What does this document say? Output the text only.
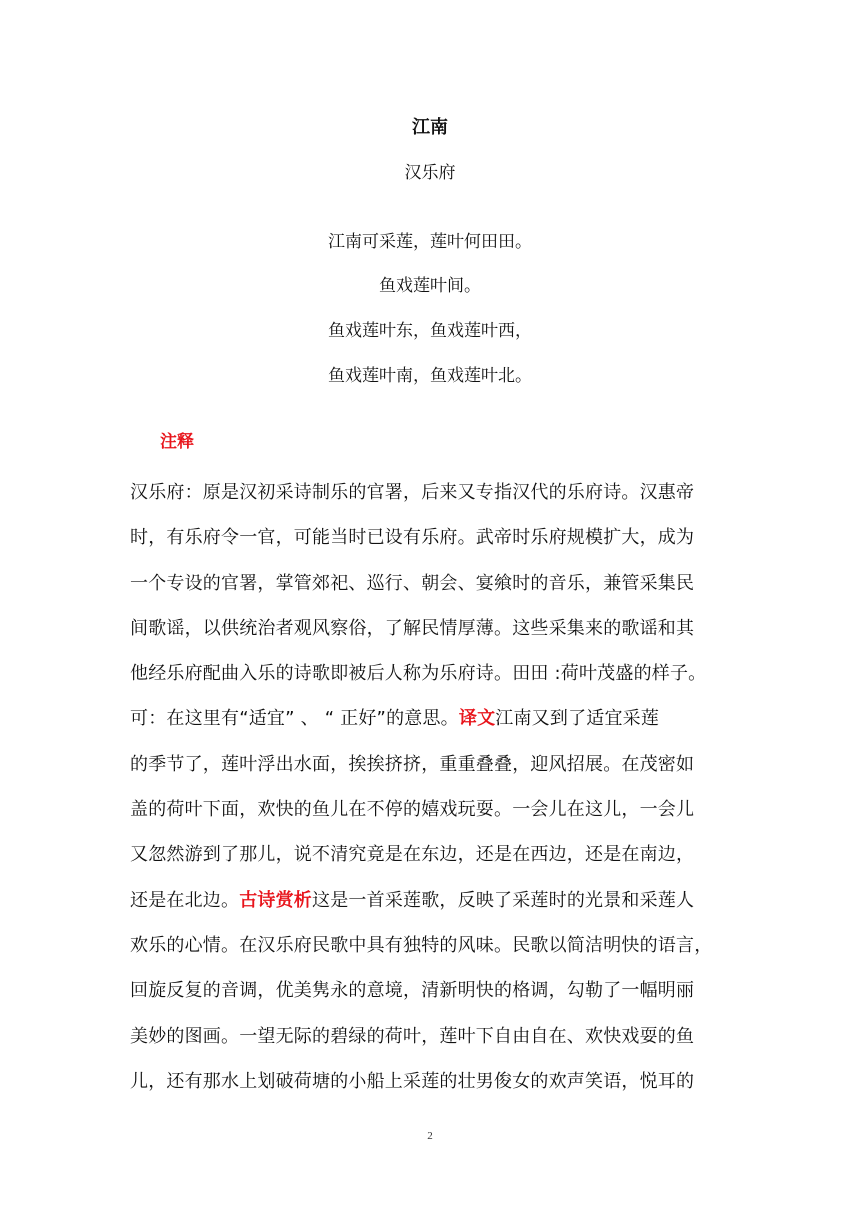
江南
汉乐府
江南可采莲，莲叶何田田。
鱼戏莲叶间。
鱼戏莲叶东，鱼戏莲叶西，
鱼戏莲叶南，鱼戏莲叶北。
注释
汉乐府：原是汉初采诗制乐的官署，后来又专指汉代的乐府诗。汉惠帝
时，有乐府令一官，可能当时已设有乐府。武帝时乐府规模扩大，成为
一个专设的官署，掌管郊祀、巡行、朝会、宴飨时的音乐，兼管采集民
间歌谣，以供统治者观风察俗，了解民情厚薄。这些采集来的歌谣和其
他经乐府配曲入乐的诗歌即被后人称为乐府诗。田田 :荷叶茂盛的样子。
可：在这里有“适宜” 、 “ 正好”的意思。译文江南又到了适宜采莲
的季节了，莲叶浮出水面，挨挨挤挤，重重叠叠，迎风招展。在茂密如
盖的荷叶下面，欢快的鱼儿在不停的嬉戏玩耍。一会儿在这儿，一会儿
又忽然游到了那儿，说不清究竟是在东边，还是在西边，还是在南边，
还是在北边。古诗赏析这是一首采莲歌，反映了采莲时的光景和采莲人
欢乐的心情。在汉乐府民歌中具有独特的风味。民歌以简洁明快的语言，
回旋反复的音调，优美隽永的意境，清新明快的格调，勾勒了一幅明丽
美妙的图画。一望无际的碧绿的荷叶，莲叶下自由自在、欢快戏耍的鱼
儿，还有那水上划破荷塘的小船上采莲的壮男俊女的欢声笑语，悦耳的
2
